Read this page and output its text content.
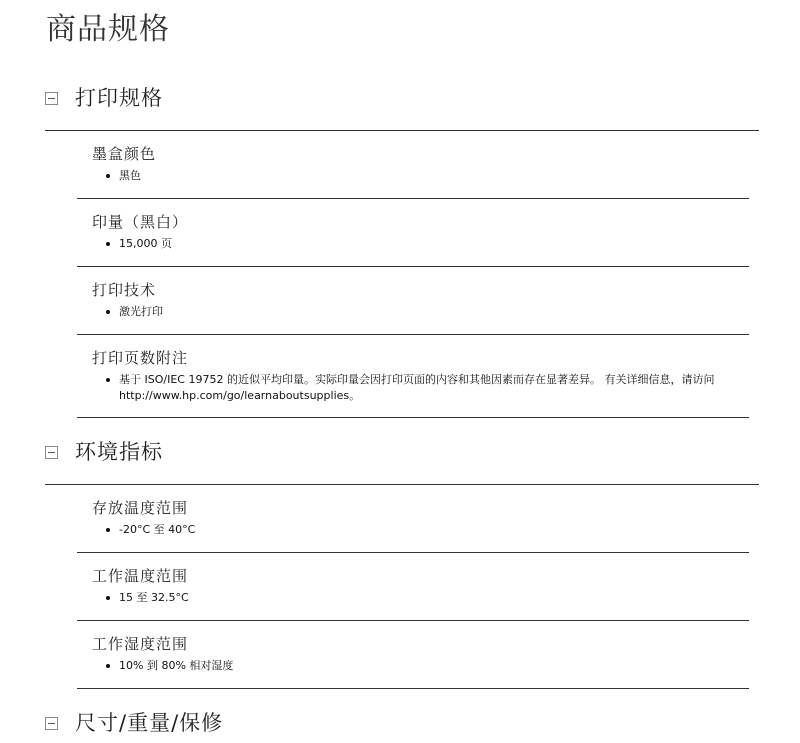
商品规格
打印规格
墨盒颜色
黑色
印量（黑白）
15,000 页
打印技术
激光打印
打印页数附注
基于 ISO/IEC 19752 的近似平均印量。实际印量会因打印页面的内容和其他因素而存在显著差异。 有关详细信息，请访问 http://www.hp.com/go/learnaboutsupplies。
环境指标
存放温度范围
-20°C 至 40°C
工作温度范围
15 至 32.5°C
工作湿度范围
10% 到 80% 相对湿度
尺寸/重量/保修
